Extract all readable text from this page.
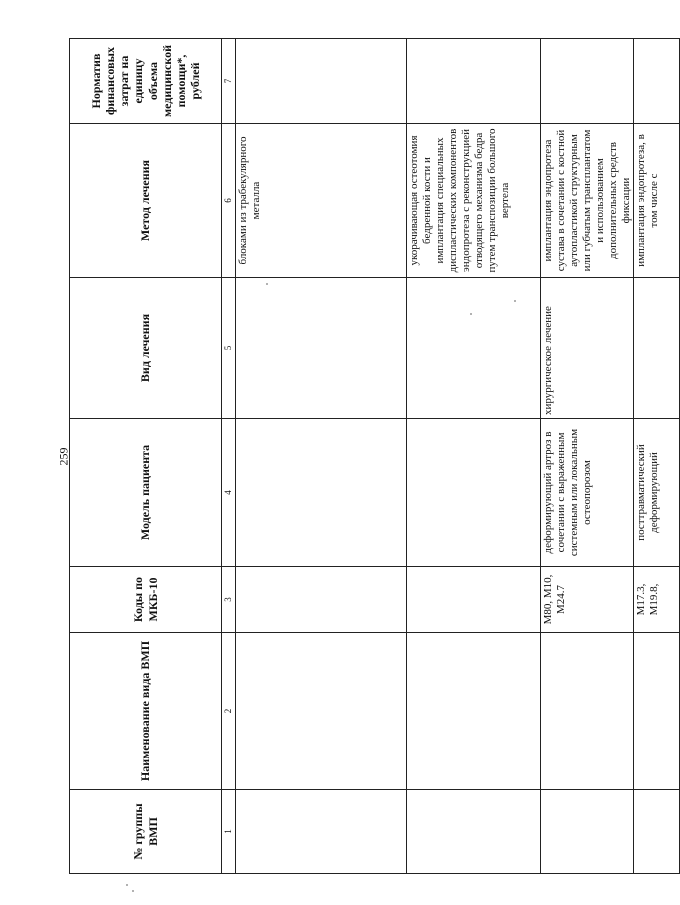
259
№ группы ВМП	Наименование вида ВМП	Коды по МКБ-10	Модель пациента	Вид лечения	Метод лечения	Норматив финансовых затрат на единицу объема медицинской помощи*, рублей
1	2	3	4	5	6	7
					блоками из трабекулярного металла	
					укорачивающая остеотомия бедренной кости и имплантация специальных диспластических компонентов эндопротеза с реконструкцией отводящего механизма бедра путем транспозиции большого вертела	
		M80, M10, M24.7	деформирующий артроз в сочетании с выраженным системным или локальным остеопорозом	хирургическое лечение	имплантация эндопротеза сустава в сочетании с костной аутопластикой структурным или губчатым трансплантатом и использованием дополнительных средств фиксации	
		M17.3, M19.8,	посттравматический деформирующий		имплантация эндопротеза, в том числе с	
